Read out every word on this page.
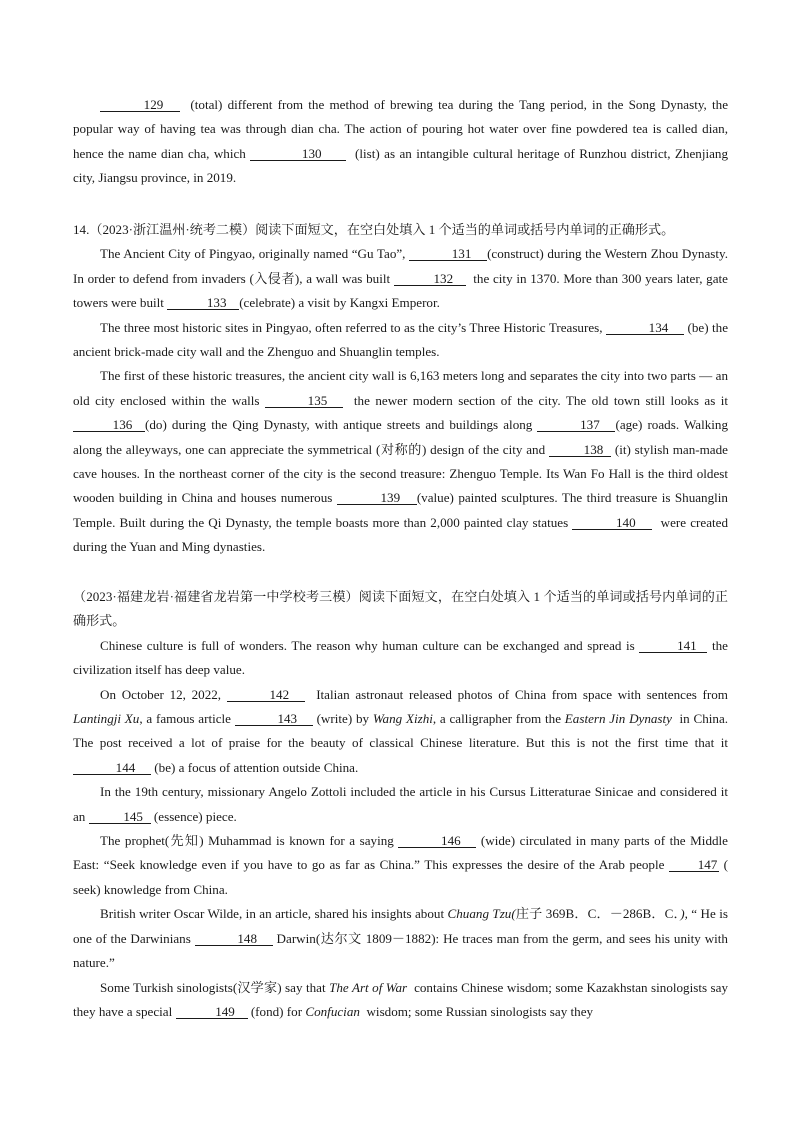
129 (total) different from the method of brewing tea during the Tang period, in the Song Dynasty, the popular way of having tea was through dian cha. The action of pouring hot water over fine powdered tea is called dian, hence the name dian cha, which	130	(list) as an intangible cultural heritage of Runzhou district, Zhenjiang city, Jiangsu province, in 2019.

14.（2023·浙江温州·统考二模）阅读下面短文，在空白处填入 1 个适当的单词或括号内单词的正确形式。

The Ancient City of Pingyao, originally named “Gu Tao”,	131 (construct) during the Western Zhou Dynasty. In order to defend from invaders (入侵者), a wall was built	132 the city in 1370. More than 300 years later, gate towers were built	133 (celebrate) a visit by Kangxi Emperor.

The three most historic sites in Pingyao, often referred to as the city’s Three Historic Treasures,	134 (be) the ancient brick-made city wall and the Zhenguo and Shuanglin temples.

The first of these historic treasures, the ancient city wall is 6,163 meters long and separates the city into two parts — an old city enclosed within the walls	135 the newer modern section of the city. The old town still looks as it 136 (do) during the Qing Dynasty, with antique streets and buildings along	137 (age) roads. Walking along the alleyways, one can appreciate the symmetrical (对称的) design of the city and	138 (it) stylish man-made cave houses. In the northeast corner of the city is the second treasure: Zhenguo Temple. Its Wan Fo Hall is the third oldest wooden building in China and houses numerous	139 (value) painted sculptures. The third treasure is Shuanglin Temple. Built during the Qi Dynasty, the temple boasts more than 2,000 painted clay statues	140 were created during the Yuan and Ming dynasties.

（2023·福建龙岩·福建省龙岩第一中学校考三模）阅读下面短文，在空白处填入 1 个适当的单词或括号内单词的正确形式。

Chinese culture is full of wonders. The reason why human culture can be exchanged and spread is	141 the civilization itself has deep value.

On October 12, 2022,	142 Italian astronaut released photos of China from space with sentences from Lantingji Xu, a famous article	143 (write) by Wang Xizhi, a calligrapher from the Eastern Jin Dynasty in China. The post received a lot of praise for the beauty of classical Chinese literature. But this is not the first time that it 144 (be) a focus of attention outside China.

In the 19th century, missionary Angelo Zottoli included the article in his Cursus Litteraturae Sinicae and considered it an	145 (essence) piece.

The prophet(先知) Muhammad is known for a saying	146 (wide) circulated in many parts of the Middle East: “Seek knowledge even if you have to go as far as China.” This expresses the desire of the Arab people	147 ( seek) knowledge from China.

British writer Oscar Wilde, in an article, shared his insights about Chuang Tzu(庄子 369B．C．－286B．C．), “ He is one of the Darwinians	148 Darwin(达尔文 1809－1882): He traces man from the germ, and sees his unity with nature.”

Some Turkish sinologists(汉学家) say that The Art of War contains Chinese wisdom; some Kazakhstan sinologists say they have a special	149 (fond) for Confucian wisdom; some Russian sinologists say they
